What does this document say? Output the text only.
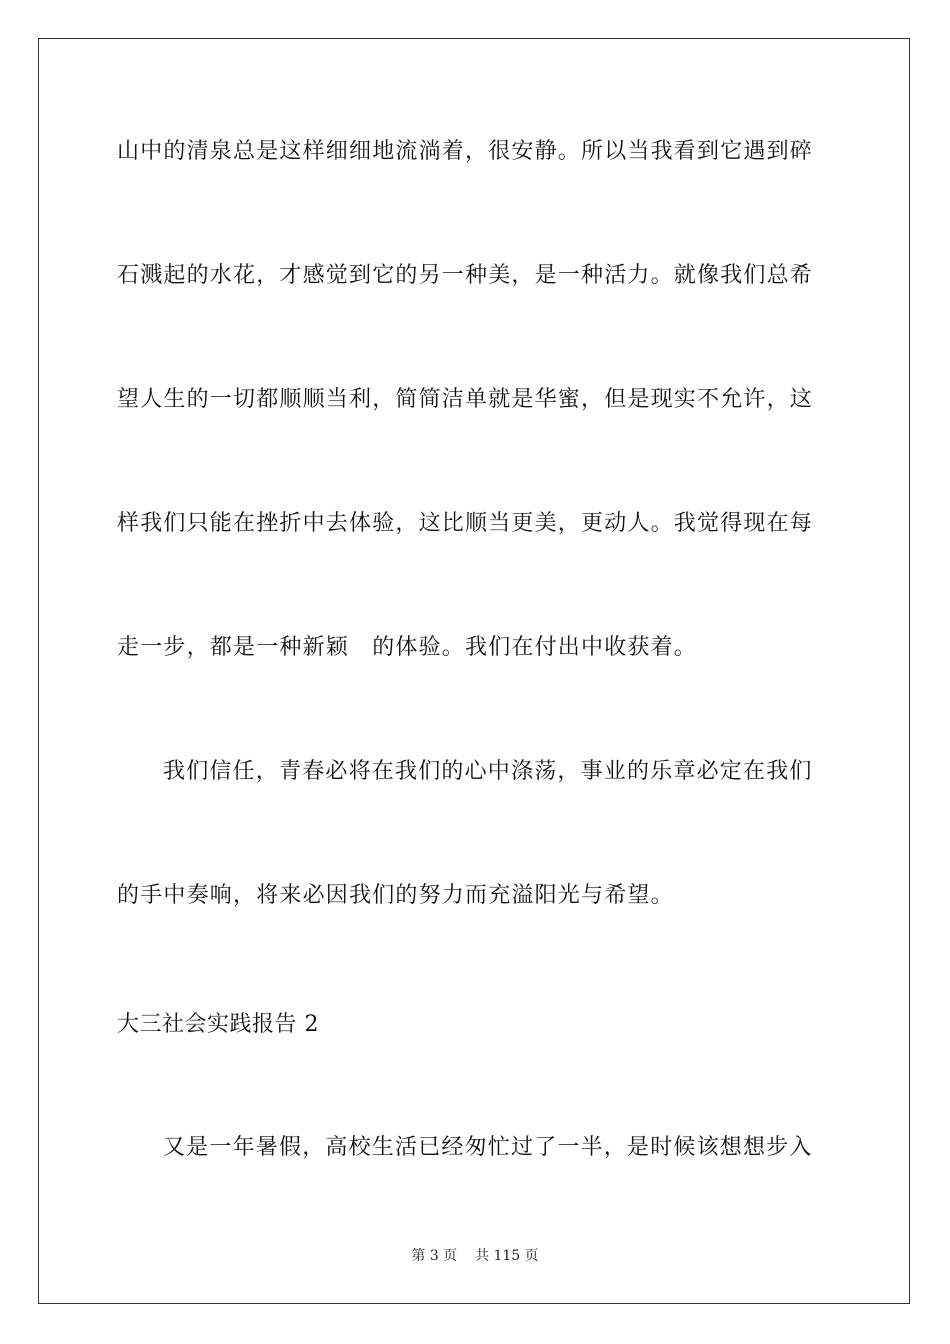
山中的清泉总是这样细细地流淌着，很安静。所以当我看到它遇到碎
石溅起的水花，才感觉到它的另一种美，是一种活力。就像我们总希
望人生的一切都顺顺当利，简简洁单就是华蜜，但是现实不允许，这
样我们只能在挫折中去体验，这比顺当更美，更动人。我觉得现在每
走一步，都是一种新颖　的体验。我们在付出中收获着。
我们信任，青春必将在我们的心中涤荡，事业的乐章必定在我们
的手中奏响，将来必因我们的努力而充溢阳光与希望。
大三社会实践报告 2
又是一年暑假，高校生活已经匆忙过了一半，是时候该想想步入
第 3 页 共 115 页
